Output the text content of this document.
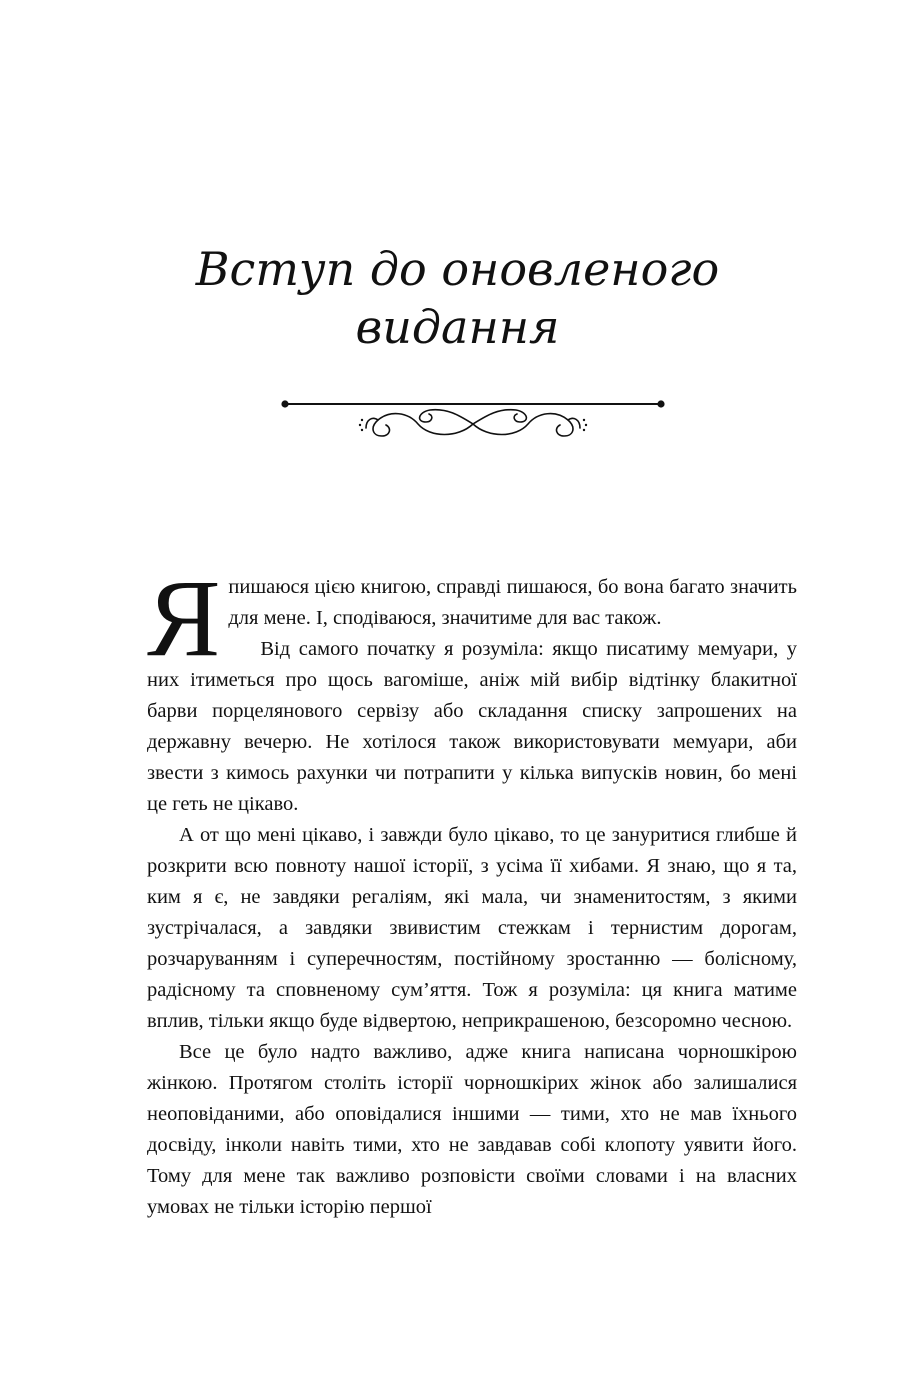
Вступ до оновленого
видання

Я пишаюся цією книгою, справді пишаюся, бо вона багато значить для мене. І, сподіваюся, значитиме для вас також.

Від самого початку я розуміла: якщо писатиму мемуари, у них ітиметься про щось вагоміше, аніж мій вибір відтінку блакитної барви порцелянового сервізу або складання списку запрошених на державну вечерю. Не хотілося також використовувати мемуари, аби звести з кимось рахунки чи потрапити у кілька випусків новин, бо мені це геть не цікаво.

А от що мені цікаво, і завжди було цікаво, то це зануритися глибше й розкрити всю повноту нашої історії, з усіма її хибами. Я знаю, що я та, ким я є, не завдяки регаліям, які мала, чи знаменитостям, з якими зустрічалася, а завдяки звивистим стежкам і тернистим дорогам, розчаруванням і суперечностям, постійному зростанню — болісному, радісному та сповненому сум’яття. Тож я розуміла: ця книга матиме вплив, тільки якщо буде відвертою, неприкрашеною, безсоромно чесною.

Все це було надто важливо, адже книга написана чорношкірою жінкою. Протягом століть історії чорношкірих жінок або залишалися неоповіданими, або оповідалися іншими — тими, хто не мав їхнього досвіду, інколи навіть тими, хто не завдавав собі клопоту уявити його. Тому для мене так важливо розповісти своїми словами і на власних умовах не тільки історію першої
